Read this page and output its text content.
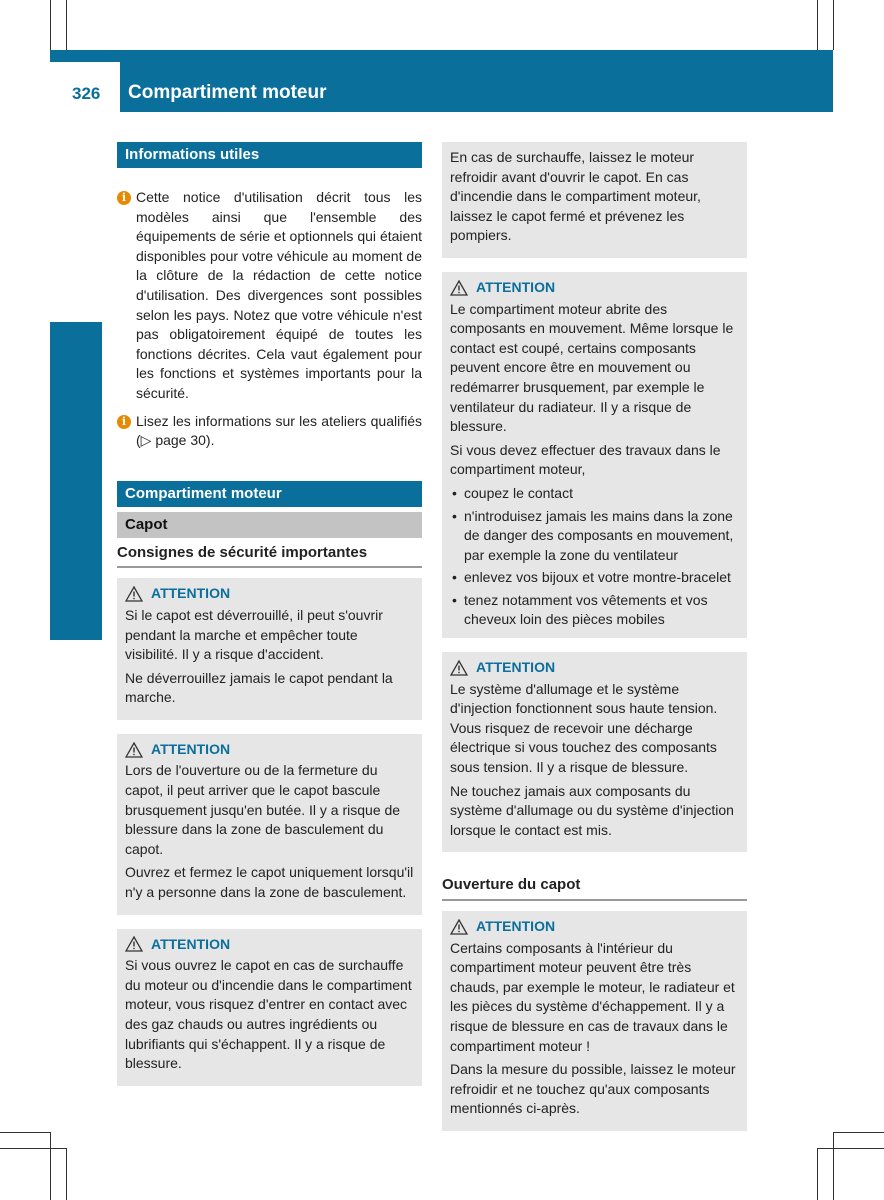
326 Compartiment moteur
Maintenance et entretien
Informations utiles
i Cette notice d'utilisation décrit tous les modèles ainsi que l'ensemble des équipements de série et optionnels qui étaient disponibles pour votre véhicule au moment de la clôture de la rédaction de cette notice d'utilisation. Des divergences sont possibles selon les pays. Notez que votre véhicule n'est pas obligatoirement équipé de toutes les fonctions décrites. Cela vaut également pour les fonctions et systèmes importants pour la sécurité.
i Lisez les informations sur les ateliers qualifiés (▷ page 30).
Compartiment moteur
Capot
Consignes de sécurité importantes
ATTENTION

Si le capot est déverrouillé, il peut s'ouvrir pendant la marche et empêcher toute visibilité. Il y a risque d'accident.

Ne déverrouillez jamais le capot pendant la marche.

ATTENTION

Lors de l'ouverture ou de la fermeture du capot, il peut arriver que le capot bascule brusquement jusqu'en butée. Il y a risque de blessure dans la zone de basculement du capot.

Ouvrez et fermez le capot uniquement lorsqu'il n'y a personne dans la zone de basculement.

ATTENTION

Si vous ouvrez le capot en cas de surchauffe du moteur ou d'incendie dans le compartiment moteur, vous risquez d'entrer en contact avec des gaz chauds ou autres ingrédients ou lubrifiants qui s'échappent. Il y a risque de blessure.

En cas de surchauffe, laissez le moteur refroidir avant d'ouvrir le capot. En cas d'incendie dans le compartiment moteur, laissez le capot fermé et prévenez les pompiers.

ATTENTION

Le compartiment moteur abrite des composants en mouvement. Même lorsque le contact est coupé, certains composants peuvent encore être en mouvement ou redémarrer brusquement, par exemple le ventilateur du radiateur. Il y a risque de blessure.

Si vous devez effectuer des travaux dans le compartiment moteur,

• coupez le contact
• n'introduisez jamais les mains dans la zone de danger des composants en mouvement, par exemple la zone du ventilateur
• enlevez vos bijoux et votre montre-bracelet
• tenez notamment vos vêtements et vos cheveux loin des pièces mobiles
ATTENTION

Le système d'allumage et le système d'injection fonctionnent sous haute tension. Vous risquez de recevoir une décharge électrique si vous touchez des composants sous tension. Il y a risque de blessure.

Ne touchez jamais aux composants du système d'allumage ou du système d'injection lorsque le contact est mis.

Ouverture du capot
ATTENTION

Certains composants à l'intérieur du compartiment moteur peuvent être très chauds, par exemple le moteur, le radiateur et les pièces du système d'échappement. Il y a risque de blessure en cas de travaux dans le compartiment moteur !

Dans la mesure du possible, laissez le moteur refroidir et ne touchez qu'aux composants mentionnés ci-après.
